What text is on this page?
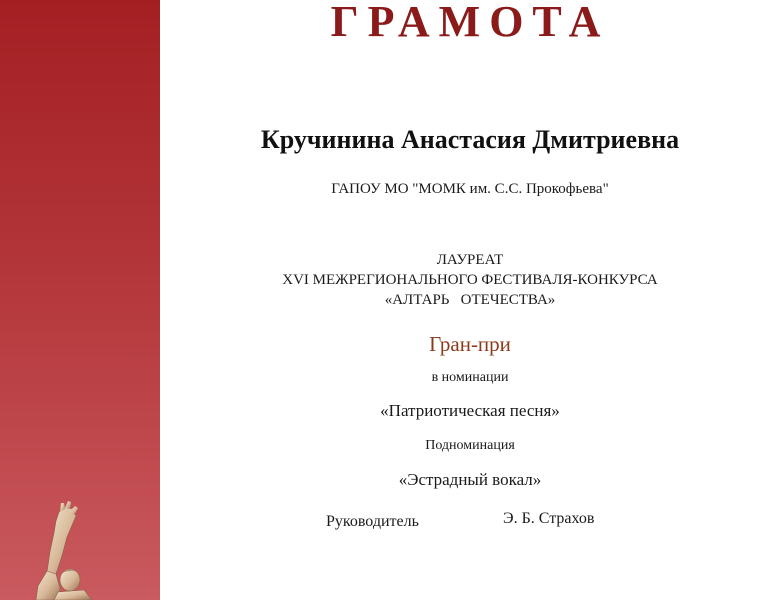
ГРАМОТА
Кручинина Анастасия Дмитриевна
ГАПОУ МО "МОМК им. С.С. Прокофьева"
ЛАУРЕАТ
XVI МЕЖРЕГИОНАЛЬНОГО ФЕСТИВАЛЯ-КОНКУРСА
«АЛТАРЬ   ОТЕЧЕСТВА»
Гран-при
в номинации
«Патриотическая песня»
Подноминация
«Эстрадный вокал»
Руководитель	Э. Б. Страхов
